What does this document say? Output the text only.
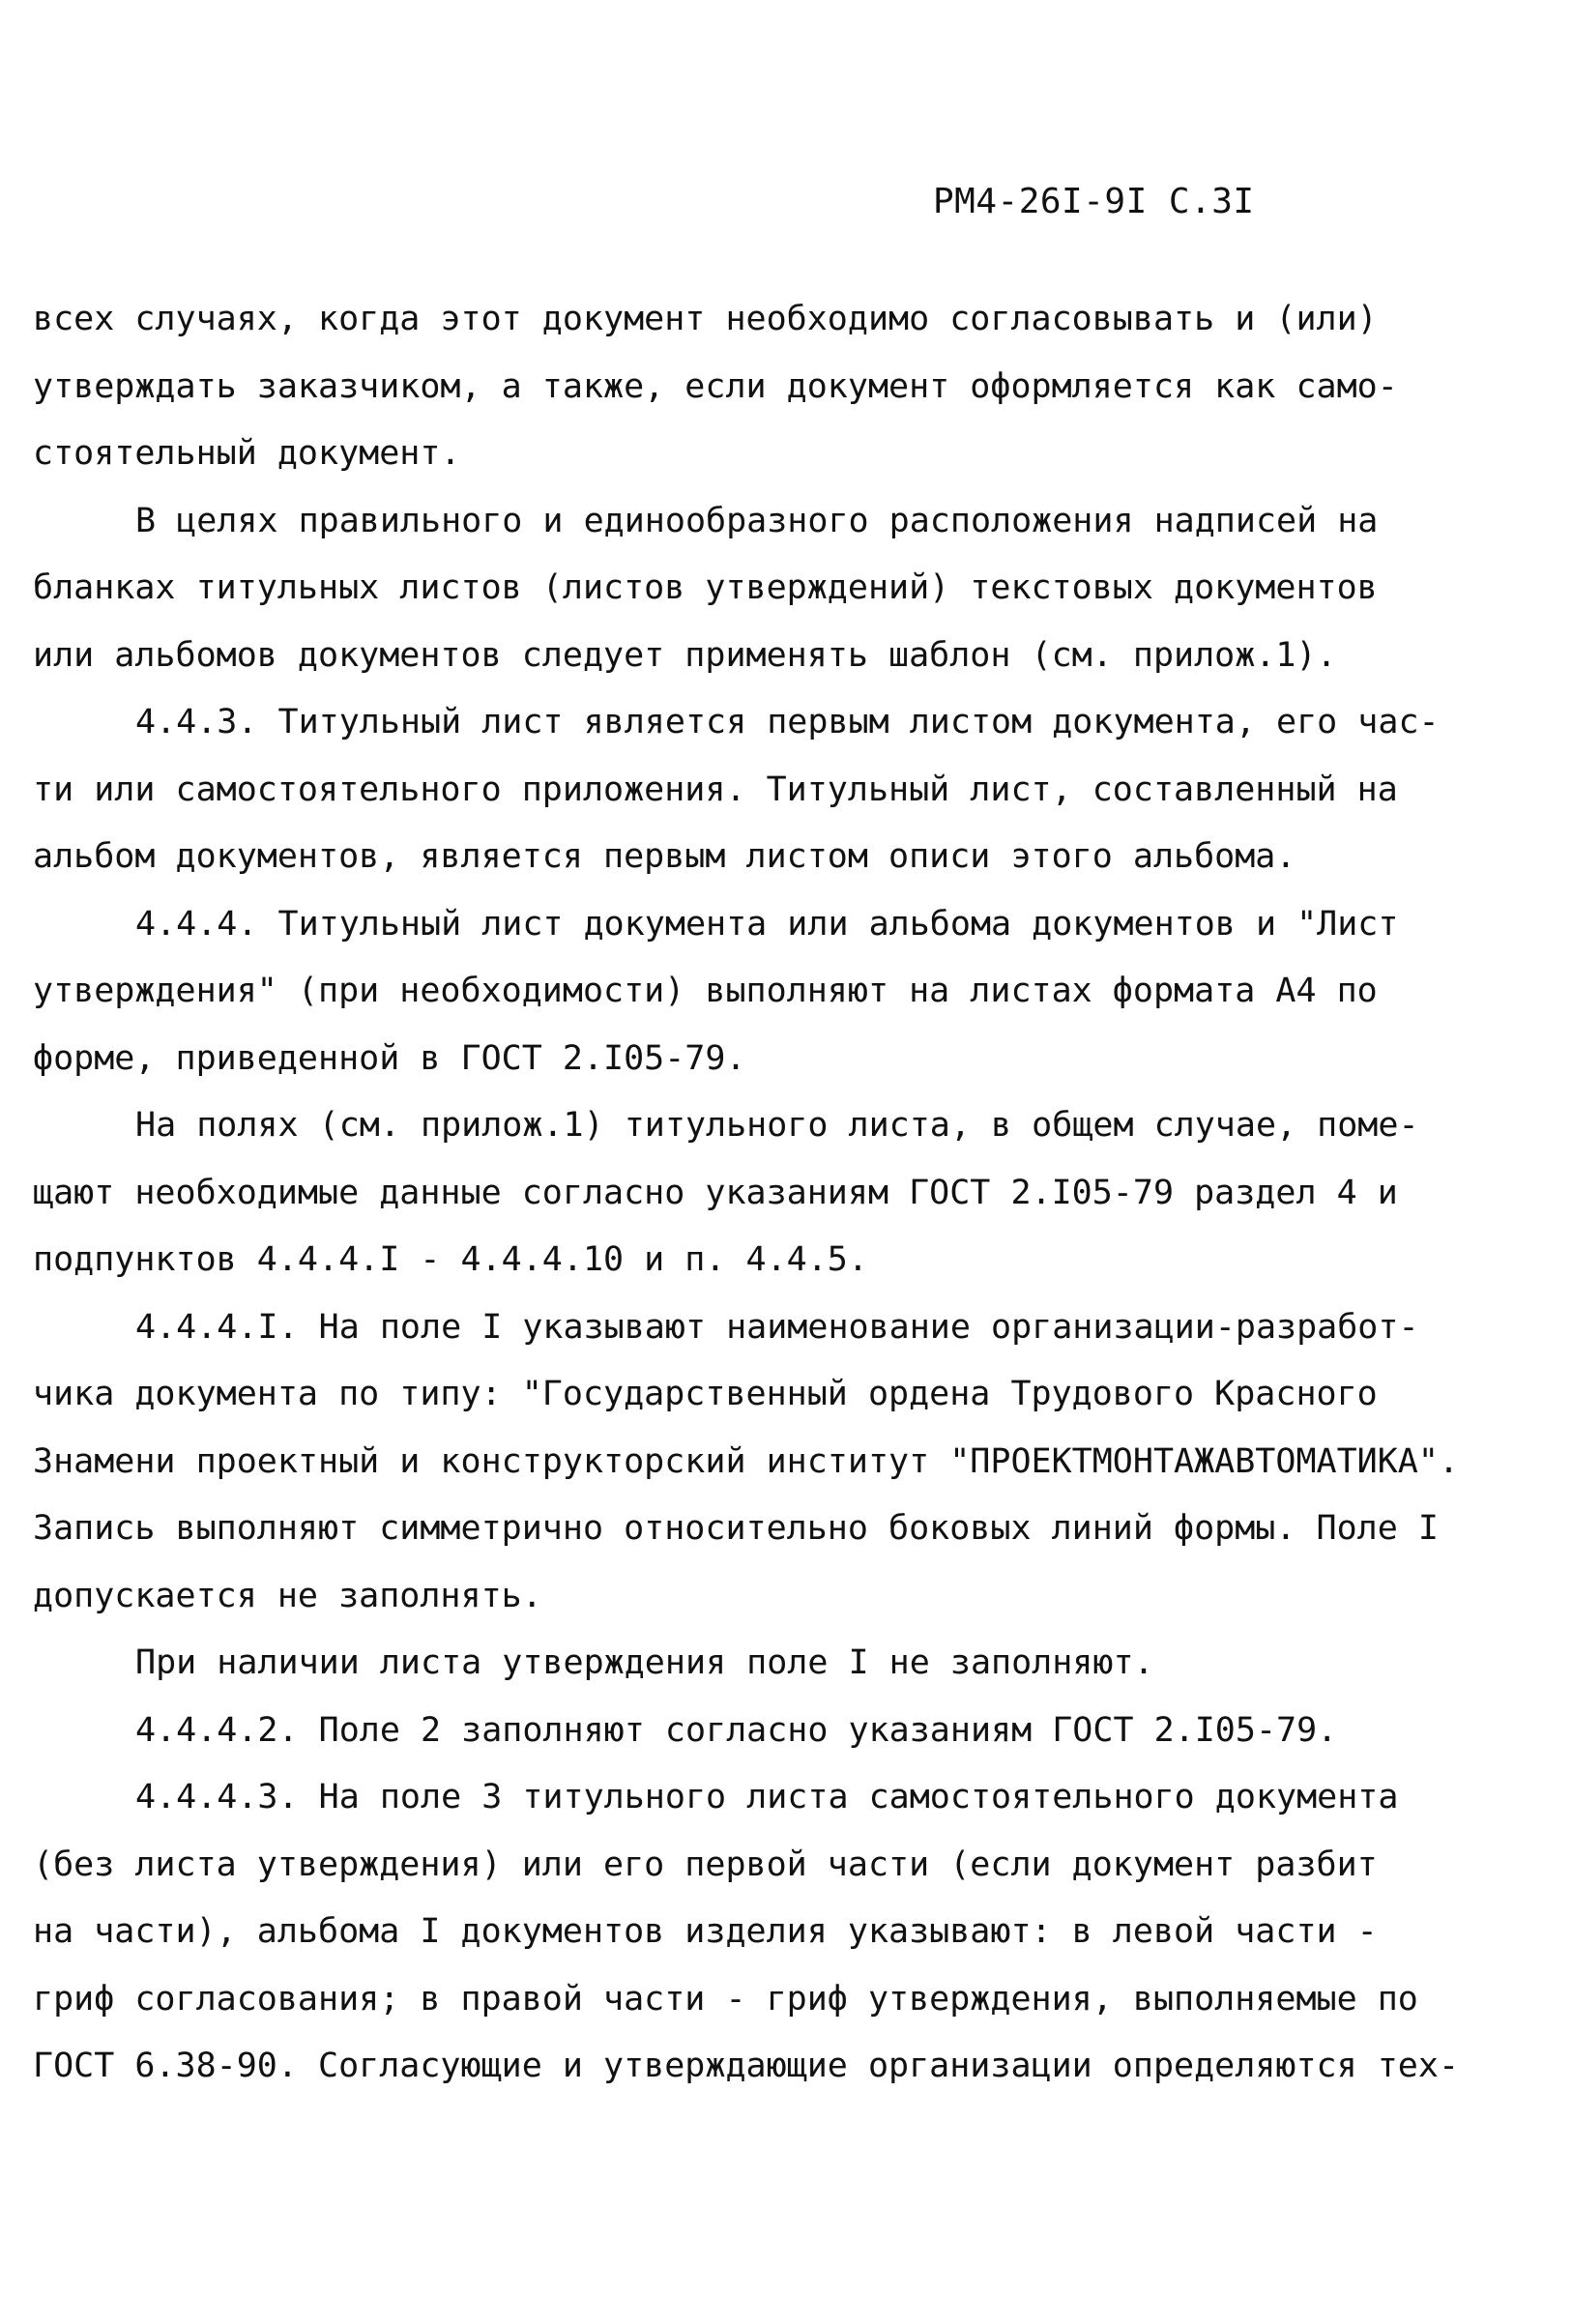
РМ4-26I-9I С.3I
всех случаях, когда этот документ необходимо согласовывать и (или)
утверждать заказчиком, а также, если документ оформляется как само-
стоятельный документ.
В целях правильного и единообразного расположения надписей на
бланках титульных листов (листов утверждений) текстовых документов
или альбомов документов следует применять шаблон (см. прилож.1).
4.4.3. Титульный лист является первым листом документа, его час-
ти или самостоятельного приложения. Титульный лист, составленный на
альбом документов, является первым листом описи этого альбома.
4.4.4. Титульный лист документа или альбома документов и "Лист
утверждения" (при необходимости) выполняют на листах формата А4 по
форме, приведенной в ГОСТ 2.I05-79.
На полях (см. прилож.1) титульного листа, в общем случае, поме-
щают необходимые данные согласно указаниям ГОСТ 2.I05-79 раздел 4 и
подпунктов 4.4.4.I - 4.4.4.10 и п. 4.4.5.
4.4.4.I. На поле I указывают наименование организации-разработ-
чика документа по типу: "Государственный ордена Трудового Красного
Знамени проектный и конструкторский институт "ПРОЕКТМОНТАЖАВТОМАТИКА".
Запись выполняют симметрично относительно боковых линий формы. Поле I
допускается не заполнять.
При наличии листа утверждения поле I не заполняют.
4.4.4.2. Поле 2 заполняют согласно указаниям ГОСТ 2.I05-79.
4.4.4.3. На поле 3 титульного листа самостоятельного документа
(без листа утверждения) или его первой части (если документ разбит
на части), альбома I документов изделия указывают: в левой части -
гриф согласования; в правой части - гриф утверждения, выполняемые по
ГОСТ 6.38-90. Согласующие и утверждающие организации определяются тех-
